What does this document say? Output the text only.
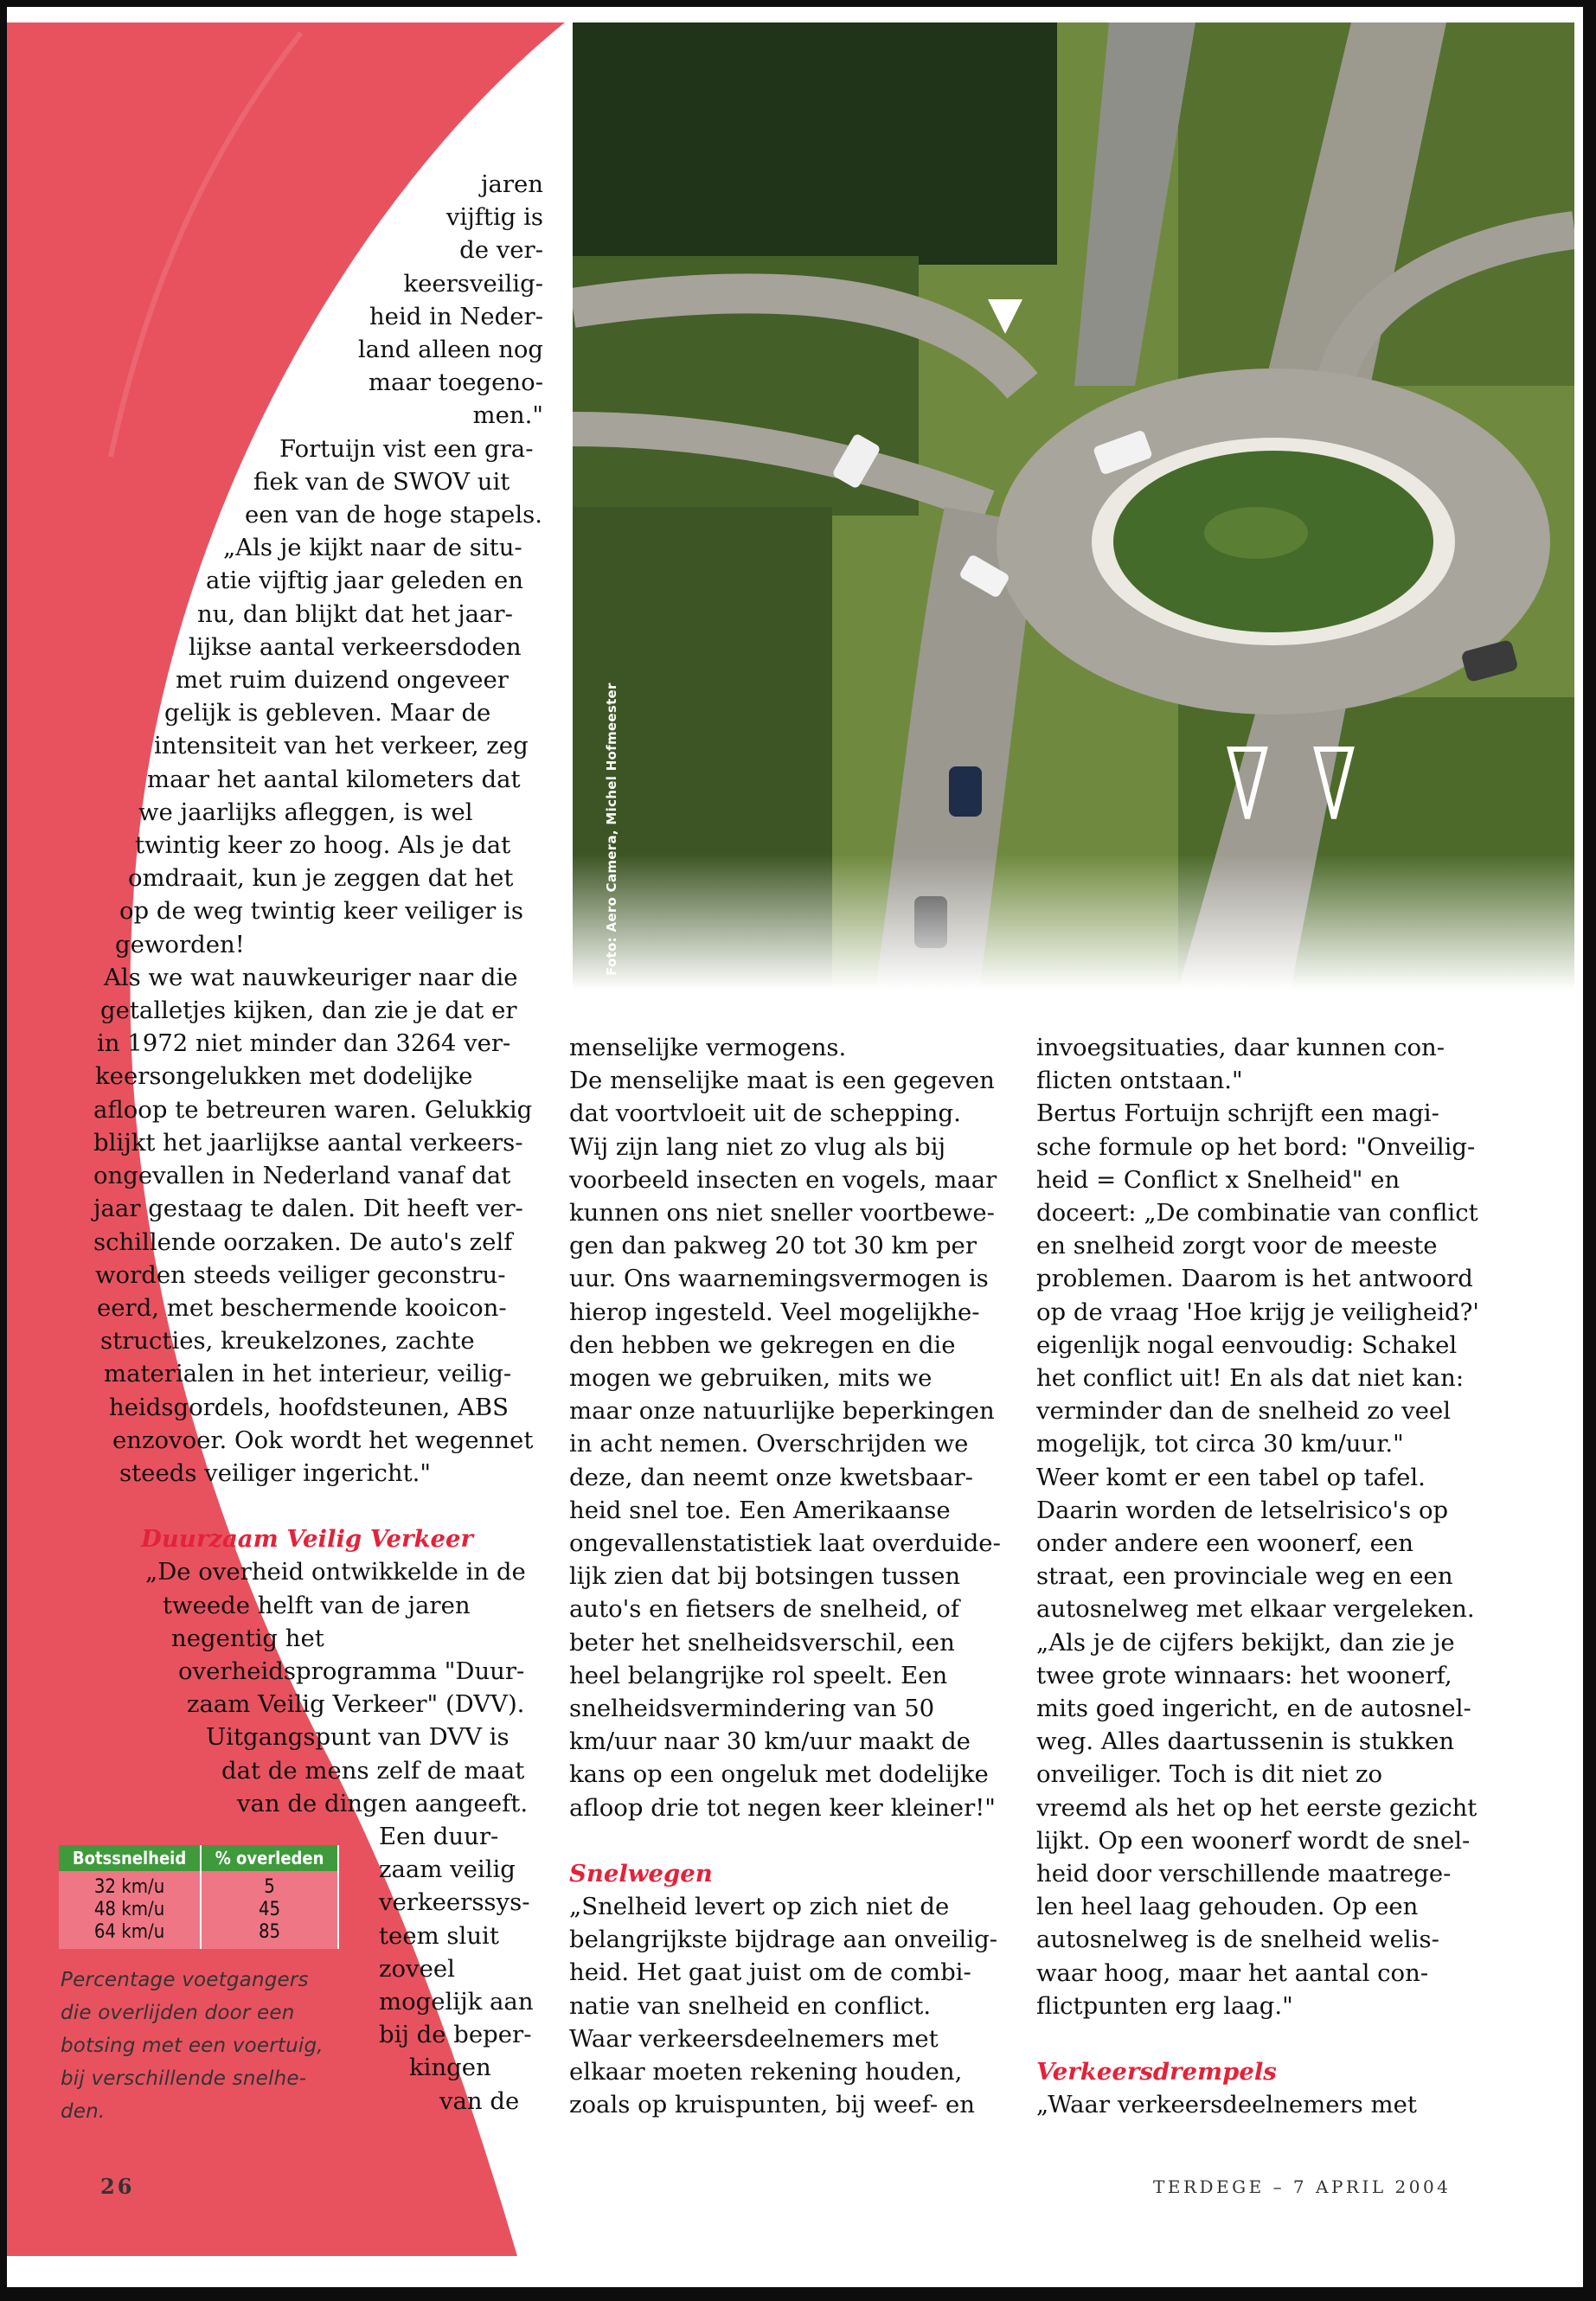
Foto: Aero Camera, Michel Hofmeester
jaren
vijftig is
de ver-
keersveilig-
heid in Neder-
land alleen nog
maar toegeno-
men."
Fortuijn vist een gra-
fiek van de SWOV uit
een van de hoge stapels.
„Als je kijkt naar de situ-
atie vijftig jaar geleden en
nu, dan blijkt dat het jaar-
lijkse aantal verkeersdoden
met ruim duizend ongeveer
gelijk is gebleven. Maar de
intensiteit van het verkeer, zeg
maar het aantal kilometers dat
we jaarlijks afleggen, is wel
twintig keer zo hoog. Als je dat
omdraait, kun je zeggen dat het
op de weg twintig keer veiliger is
geworden!
Als we wat nauwkeuriger naar die
getalletjes kijken, dan zie je dat er
in 1972 niet minder dan 3264 ver-
keersongelukken met dodelijke
afloop te betreuren waren. Gelukkig
blijkt het jaarlijkse aantal verkeers-
ongevallen in Nederland vanaf dat
jaar gestaag te dalen. Dit heeft ver-
schillende oorzaken. De auto's zelf
worden steeds veiliger geconstru-
eerd, met beschermende kooicon-
structies, kreukelzones, zachte
materialen in het interieur, veilig-
heidsgordels, hoofdsteunen, ABS
enzovoer. Ook wordt het wegennet
steeds veiliger ingericht."
Duurzaam Veilig Verkeer
„De overheid ontwikkelde in de
tweede helft van de jaren
negentig het
overheidsprogramma "Duur-
zaam Veilig Verkeer" (DVV).
Uitgangspunt van DVV is
dat de mens zelf de maat
van de dingen aangeeft.
Een duur-
zaam veilig
verkeerssys-
teem sluit
zoveel
mogelijk aan
bij de beper-
kingen
van de
menselijke vermogens.
De menselijke maat is een gegeven
dat voortvloeit uit de schepping.
Wij zijn lang niet zo vlug als bij
voorbeeld insecten en vogels, maar
kunnen ons niet sneller voortbewe-
gen dan pakweg 20 tot 30 km per
uur. Ons waarnemingsvermogen is
hierop ingesteld. Veel mogelijkhe-
den hebben we gekregen en die
mogen we gebruiken, mits we
maar onze natuurlijke beperkingen
in acht nemen. Overschrijden we
deze, dan neemt onze kwetsbaar-
heid snel toe. Een Amerikaanse
ongevallenstatistiek laat overduide-
lijk zien dat bij botsingen tussen
auto's en fietsers de snelheid, of
beter het snelheidsverschil, een
heel belangrijke rol speelt. Een
snelheidsvermindering van 50
km/uur naar 30 km/uur maakt de
kans op een ongeluk met dodelijke
afloop drie tot negen keer kleiner!"
Snelwegen
„Snelheid levert op zich niet de
belangrijkste bijdrage aan onveilig-
heid. Het gaat juist om de combi-
natie van snelheid en conflict.
Waar verkeersdeelnemers met
elkaar moeten rekening houden,
zoals op kruispunten, bij weef- en
invoegsituaties, daar kunnen con-
flicten ontstaan."
Bertus Fortuijn schrijft een magi-
sche formule op het bord: "Onveilig-
heid = Conflict x Snelheid" en
doceert: „De combinatie van conflict
en snelheid zorgt voor de meeste
problemen. Daarom is het antwoord
op de vraag 'Hoe krijg je veiligheid?'
eigenlijk nogal eenvoudig: Schakel
het conflict uit! En als dat niet kan:
verminder dan de snelheid zo veel
mogelijk, tot circa 30 km/uur."
Weer komt er een tabel op tafel.
Daarin worden de letselrisico's op
onder andere een woonerf, een
straat, een provinciale weg en een
autosnelweg met elkaar vergeleken.
„Als je de cijfers bekijkt, dan zie je
twee grote winnaars: het woonerf,
mits goed ingericht, en de autosnel-
weg. Alles daartussenin is stukken
onveiliger. Toch is dit niet zo
vreemd als het op het eerste gezicht
lijkt. Op een woonerf wordt de snel-
heid door verschillende maatrege-
len heel laag gehouden. Op een
autosnelweg is de snelheid welis-
waar hoog, maar het aantal con-
flictpunten erg laag."
Verkeersdrempels
„Waar verkeersdeelnemers met
Botssnelheid	% overleden
32 km/u	5
48 km/u	45
64 km/u	85
Percentage voetgangers
die overlijden door een
botsing met een voertuig,
bij verschillende snelhe-
den.
26	TERDEGE – 7 APRIL 2004
